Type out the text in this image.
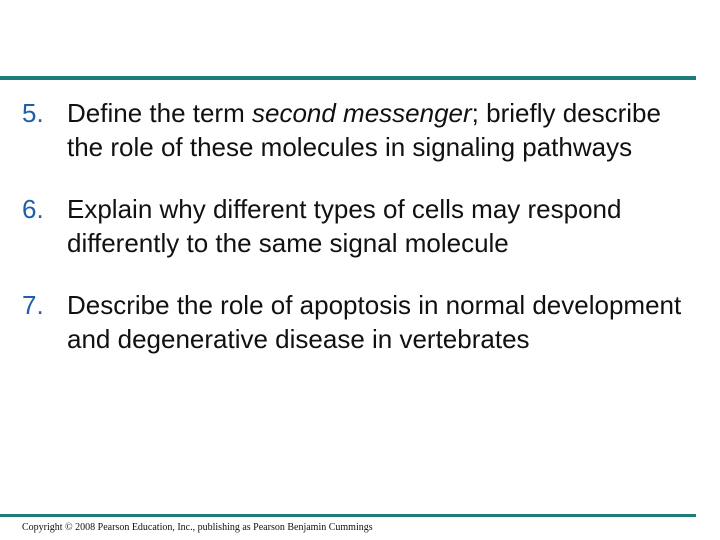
5. Define the term second messenger; briefly describe the role of these molecules in signaling pathways
6. Explain why different types of cells may respond differently to the same signal molecule
7. Describe the role of apoptosis in normal development and degenerative disease in vertebrates
Copyright © 2008 Pearson Education, Inc., publishing as Pearson Benjamin Cummings
